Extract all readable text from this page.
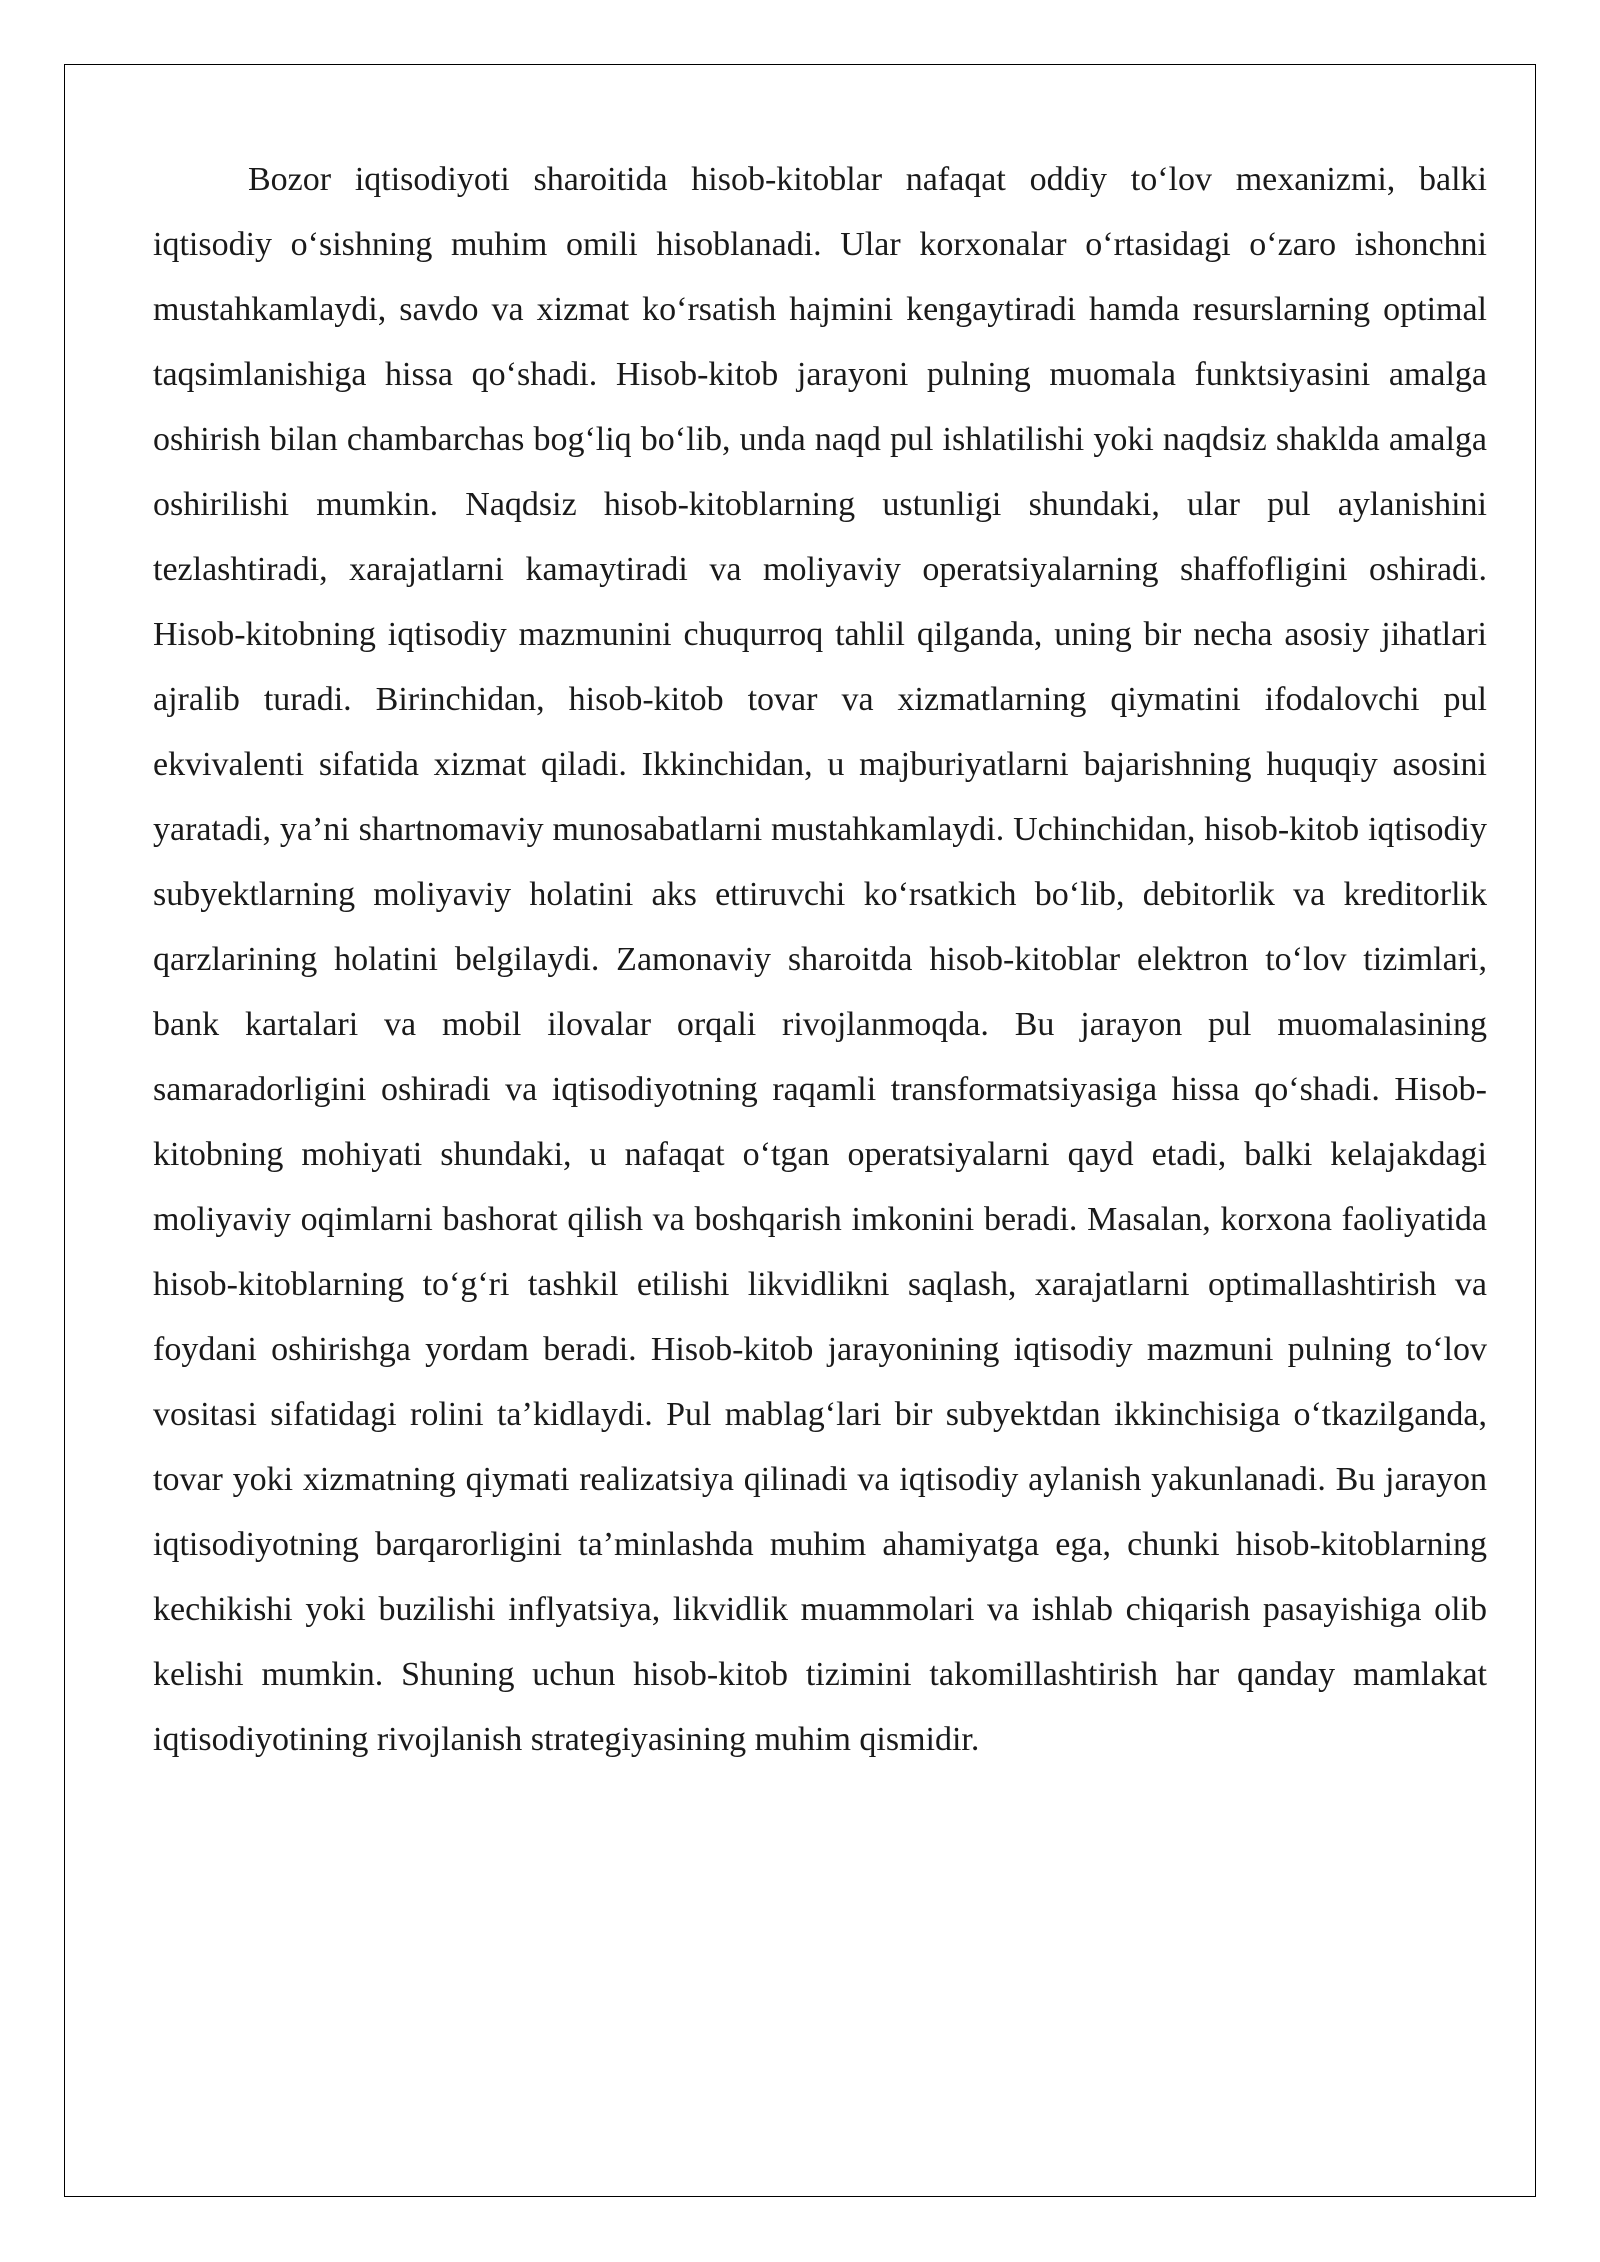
Bozor iqtisodiyoti sharoitida hisob-kitoblar nafaqat oddiy to‘lov mexanizmi, balki iqtisodiy o‘sishning muhim omili hisoblanadi. Ular korxonalar o‘rtasidagi o‘zaro ishonchni mustahkamlaydi, savdo va xizmat ko‘rsatish hajmini kengaytiradi hamda resurslarning optimal taqsimlanishiga hissa qo‘shadi. Hisob-kitob jarayoni pulning muomala funktsiyasini amalga oshirish bilan chambarchas bog‘liq bo‘lib, unda naqd pul ishlatilishi yoki naqdsiz shaklda amalga oshirilishi mumkin. Naqdsiz hisob-kitoblarning ustunligi shundaki, ular pul aylanishini tezlashtiradi, xarajatlarni kamaytiradi va moliyaviy operatsiyalarning shaffofligini oshiradi. Hisob-kitobning iqtisodiy mazmunini chuqurroq tahlil qilganda, uning bir necha asosiy jihatlari ajralib turadi. Birinchidan, hisob-kitob tovar va xizmatlarning qiymatini ifodalovchi pul ekvivalenti sifatida xizmat qiladi. Ikkinchidan, u majburiyatlarni bajarishning huquqiy asosini yaratadi, ya’ni shartnomaviy munosabatlarni mustahkamlaydi. Uchinchidan, hisob-kitob iqtisodiy subyektlarning moliyaviy holatini aks ettiruvchi ko‘rsatkich bo‘lib, debitorlik va kreditorlik qarzlarining holatini belgilaydi. Zamonaviy sharoitda hisob-kitoblar elektron to‘lov tizimlari, bank kartalari va mobil ilovalar orqali rivojlanmoqda. Bu jarayon pul muomalasining samaradorligini oshiradi va iqtisodiyotning raqamli transformatsiyasiga hissa qo‘shadi. Hisob-kitobning mohiyati shundaki, u nafaqat o‘tgan operatsiyalarni qayd etadi, balki kelajakdagi moliyaviy oqimlarni bashorat qilish va boshqarish imkonini beradi. Masalan, korxona faoliyatida hisob-kitoblarning to‘g‘ri tashkil etilishi likvidlikni saqlash, xarajatlarni optimallashtirish va foydani oshirishga yordam beradi. Hisob-kitob jarayonining iqtisodiy mazmuni pulning to‘lov vositasi sifatidagi rolini ta’kidlaydi. Pul mablag‘lari bir subyektdan ikkinchisiga o‘tkazilganda, tovar yoki xizmatning qiymati realizatsiya qilinadi va iqtisodiy aylanish yakunlanadi. Bu jarayon iqtisodiyotning barqarorligini ta’minlashda muhim ahamiyatga ega, chunki hisob-kitoblarning kechikishi yoki buzilishi inflyatsiya, likvidlik muammolari va ishlab chiqarish pasayishiga olib kelishi mumkin. Shuning uchun hisob-kitob tizimini takomillashtirish har qanday mamlakat iqtisodiyotining rivojlanish strategiyasining muhim qismidir.
